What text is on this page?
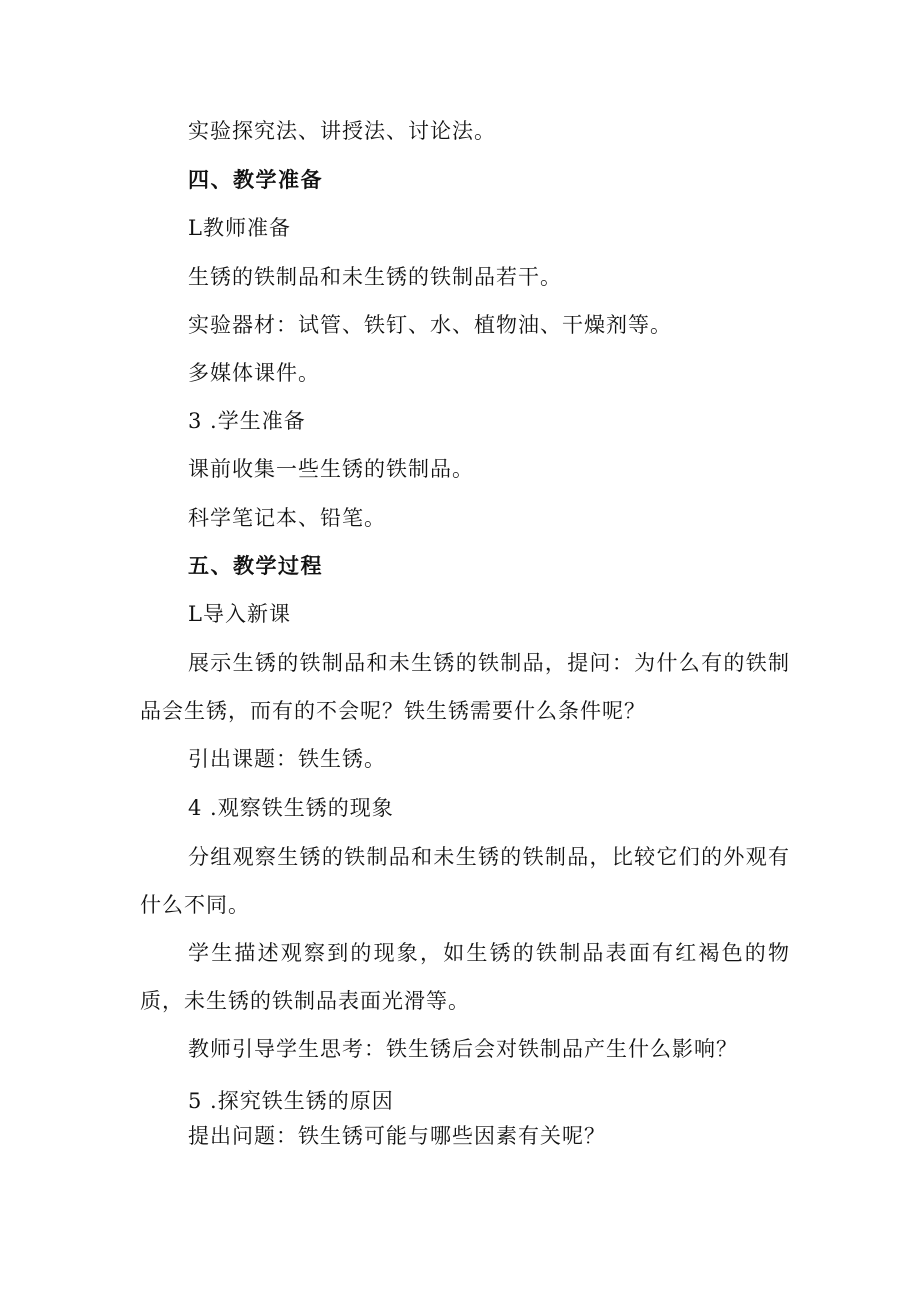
实验探究法、讲授法、讨论法。
四、教学准备
L教师准备
生锈的铁制品和未生锈的铁制品若干。
实验器材：试管、铁钉、水、植物油、干燥剂等。
多媒体课件。
3 .学生准备
课前收集一些生锈的铁制品。
科学笔记本、铅笔。
五、教学过程
L导入新课
展示生锈的铁制品和未生锈的铁制品，提问：为什么有的铁制品会生锈，而有的不会呢？铁生锈需要什么条件呢？
引出课题：铁生锈。
4 .观察铁生锈的现象
分组观察生锈的铁制品和未生锈的铁制品，比较它们的外观有什么不同。
学生描述观察到的现象，如生锈的铁制品表面有红褐色的物质，未生锈的铁制品表面光滑等。
教师引导学生思考：铁生锈后会对铁制品产生什么影响？
5 .探究铁生锈的原因
提出问题：铁生锈可能与哪些因素有关呢？
